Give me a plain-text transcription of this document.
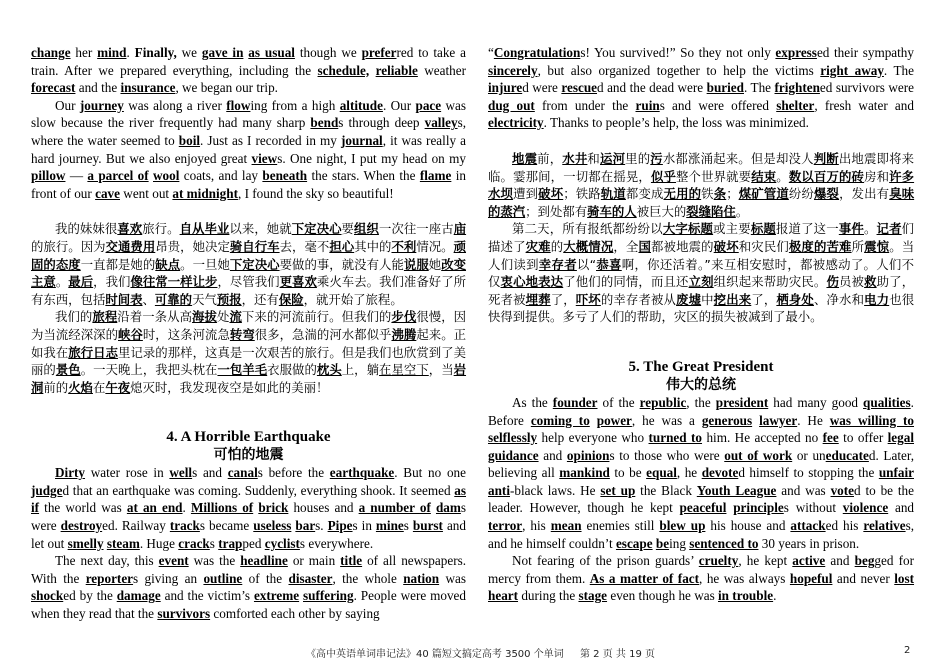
change her mind. Finally, we gave in as usual though we preferred to take a train. After we prepared everything, including the schedule, reliable weather forecast and the insurance, we began our trip.

Our journey was along a river flowing from a high altitude. Our pace was slow because the river frequently had many sharp bends through deep valleys, where the water seemed to boil. Just as I recorded in my journal, it was really a hard journey. But we also enjoyed great views. One night, I put my head on my pillow — a parcel of wool coats, and lay beneath the stars. When the flame in front of our cave went out at midnight, I found the sky so beautiful!

我的妹妹很喜欢旅行。自从毕业以来，她就下定决心要组织一次往一座古庙的旅行。因为交通费用昂贵，她决定骑自行车去，毫不担心其中的不利情况。顽固的态度一直都是她的缺点。一旦她下定决心要做的事，就没有人能说服她改变主意。最后，我们像往常一样让步，尽管我们更喜欢乘火车去。我们准备好了所有东西，包括时间表、可靠的天气预报，还有保险，就开始了旅程。

我们的旅程沿着一条从高海拔处流下来的河流前行。但我们的步伐很慢，因为当流经深深的峡谷时，这条河流急转弯很多，急湍的河水都似乎沸腾起来。正如我在旅行日志里记录的那样，这真是一次艰苦的旅行。但是我们也欣赏到了美丽的景色。一天晚上，我把头枕在一包羊毛衣服做的枕头上，躺在星空下，当岩洞前的火焰在午夜熄灭时，我发现夜空是如此的美丽！

4. A Horrible Earthquake

可怕的地震

Dirty water rose in wells and canals before the earthquake. But no one judged that an earthquake was coming. Suddenly, everything shook. It seemed as if the world was at an end. Millions of brick houses and a number of dams were destroyed. Railway tracks became useless bars. Pipes in mines burst and let out smelly steam. Huge cracks trapped cyclists everywhere.

The next day, this event was the headline or main title of all newspapers. With the reporters giving an outline of the disaster, the whole nation was shocked by the damage and the victim’s extreme suffering. People were moved when they read that the survivors comforted each other by saying

“Congratulations! You survived!” So they not only expressed their sympathy sincerely, but also organized together to help the victims right away. The injured were rescued and the dead were buried. The frightened survivors were dug out from under the ruins and were offered shelter, fresh water and electricity. Thanks to people’s help, the loss was minimized.

地震前，水井和运河里的污水都涨涌起来。但是却没人判断出地震即将来临。霎那间，一切都在摇晃，似乎整个世界就要结束。数以百万的砖房和许多水坝遭到破坏；铁路轨道都变成无用的铁条；煤矿管道纷纷爆裂，发出有臭味的蒸汽；到处都有骑车的人被巨大的裂缝陷住。

第二天，所有报纸都纷纷以大字标题或主要标题报道了这一事件。记者们描述了灾难的大概情况，全国都被地震的破坏和灾民们极度的苦难所震惊。当人们读到幸存者以“恭喜啊，你还活着。”来互相安慰时，都被感动了。人们不仅衷心地表达了他们的同情，而且还立刻组织起来帮助灾民。伤员被救助了，死者被埋葬了，吓坏的幸存者被从废墟中挖出来了，栖身处、净水和电力也很快得到提供。多亏了人们的帮助，灾区的损失被减到了最小。

5. The Great President

伟大的总统

As the founder of the republic, the president had many good qualities. Before coming to power, he was a generous lawyer. He was willing to selflessly help everyone who turned to him. He accepted no fee to offer legal guidance and opinions to those who were out of work or uneducated. Later, believing all mankind to be equal, he devoted himself to stopping the unfair anti-black laws. He set up the Black Youth League and was voted to be the leader. However, though he kept peaceful principles without violence and terror, his mean enemies still blew up his house and attacked his relatives, and he himself couldn’t escape being sentenced to 30 years in prison.

Not fearing of the prison guards’ cruelty, he kept active and begged for mercy from them. As a matter of fact, he was always hopeful and never lost heart during the stage even though he was in trouble.

《高中英语单词串记法》40 篇短文搞定高考 3500 个单词 第 2 页 共 19 页	2
